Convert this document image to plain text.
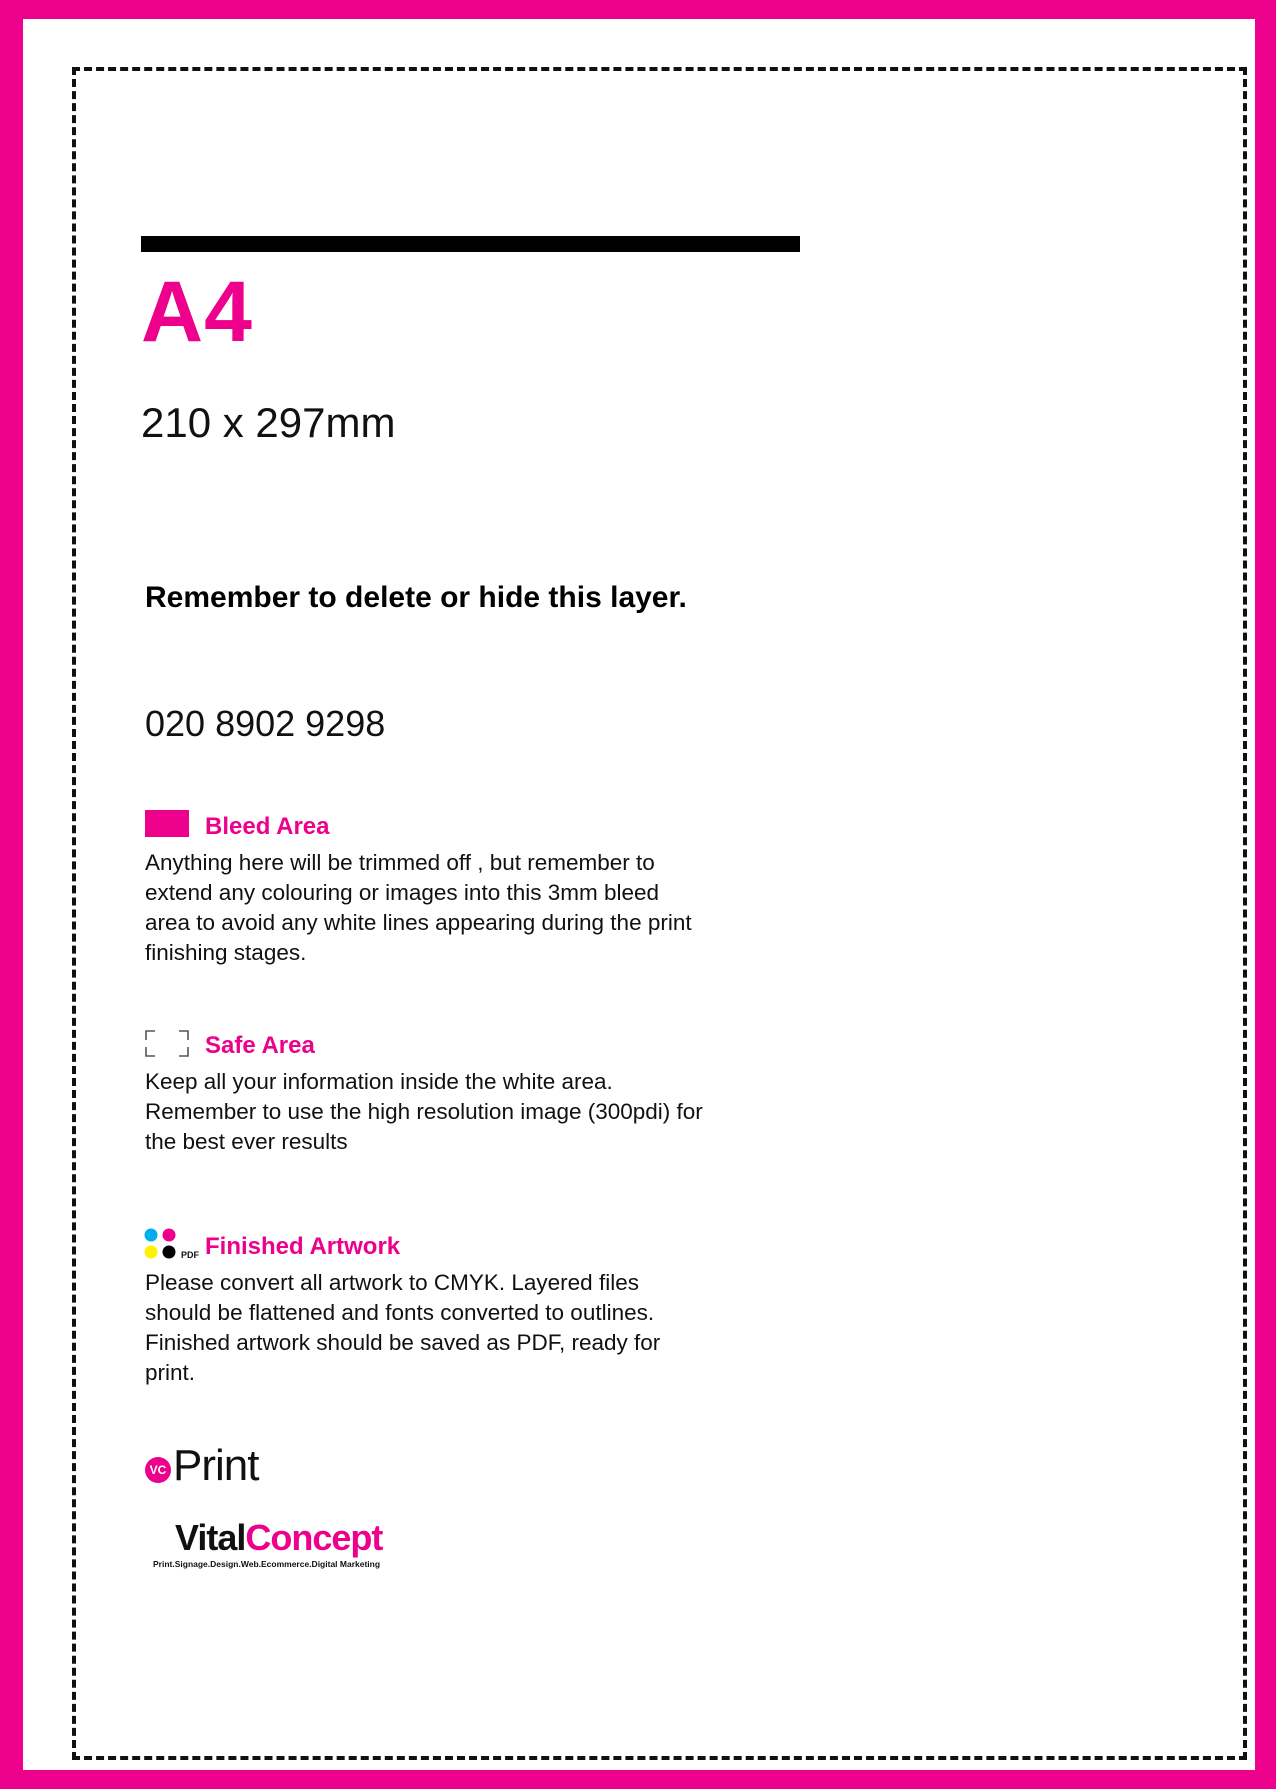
A4
210 x 297mm
Remember to delete or hide this layer.
020 8902 9298
Bleed Area
Anything here will be trimmed off , but remember to extend any colouring or images into this 3mm bleed area to avoid any white lines appearing during the print finishing stages.
Safe Area
Keep all your information inside the white area. Remember to use the high resolution image (300pdi) for the best ever results
PDF Finished Artwork
Please convert all artwork to CMYK. Layered files should be flattened and fonts converted to outlines. Finished artwork should be saved as PDF, ready for print.
VC Print
VitalConcept
Print.Signage.Design.Web.Ecommerce.Digital Marketing
